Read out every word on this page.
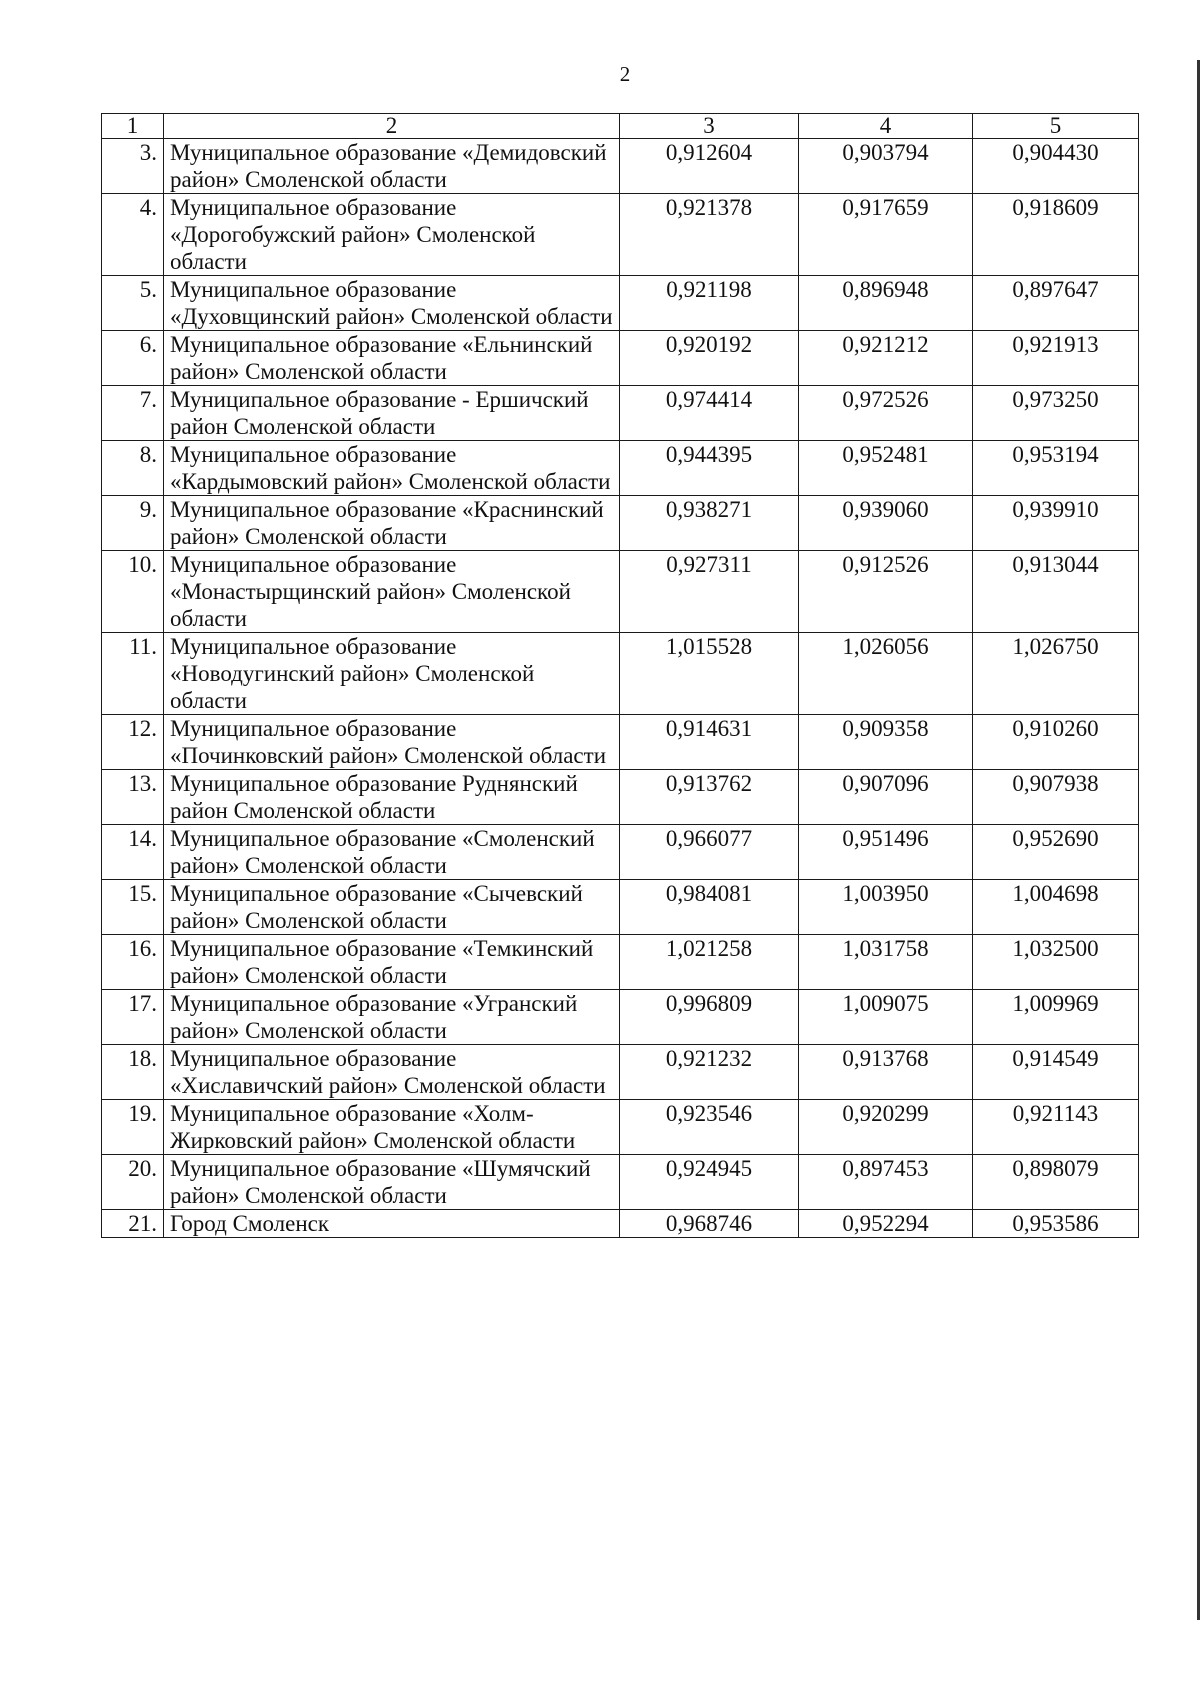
2
1	2	3	4	5
3.	Муниципальное образование «Демидовский район» Смоленской области	0,912604	0,903794	0,904430
4.	Муниципальное образование «Дорогобужский район» Смоленской области	0,921378	0,917659	0,918609
5.	Муниципальное образование «Духовщинский район» Смоленской области	0,921198	0,896948	0,897647
6.	Муниципальное образование «Ельнинский район» Смоленской области	0,920192	0,921212	0,921913
7.	Муниципальное образование - Ершичский район Смоленской области	0,974414	0,972526	0,973250
8.	Муниципальное образование «Кардымовский район» Смоленской области	0,944395	0,952481	0,953194
9.	Муниципальное образование «Краснинский район» Смоленской области	0,938271	0,939060	0,939910
10.	Муниципальное образование «Монастырщинский район» Смоленской области	0,927311	0,912526	0,913044
11.	Муниципальное образование «Новодугинский район» Смоленской области	1,015528	1,026056	1,026750
12.	Муниципальное образование «Починковский район» Смоленской области	0,914631	0,909358	0,910260
13.	Муниципальное образование Руднянский район Смоленской области	0,913762	0,907096	0,907938
14.	Муниципальное образование «Смоленский район» Смоленской области	0,966077	0,951496	0,952690
15.	Муниципальное образование «Сычевский район» Смоленской области	0,984081	1,003950	1,004698
16.	Муниципальное образование «Темкинский район» Смоленской области	1,021258	1,031758	1,032500
17.	Муниципальное образование «Угранский район» Смоленской области	0,996809	1,009075	1,009969
18.	Муниципальное образование «Хиславичский район» Смоленской области	0,921232	0,913768	0,914549
19.	Муниципальное образование «Холм-Жирковский район» Смоленской области	0,923546	0,920299	0,921143
20.	Муниципальное образование «Шумячский район» Смоленской области	0,924945	0,897453	0,898079
21.	Город Смоленск	0,968746	0,952294	0,953586
